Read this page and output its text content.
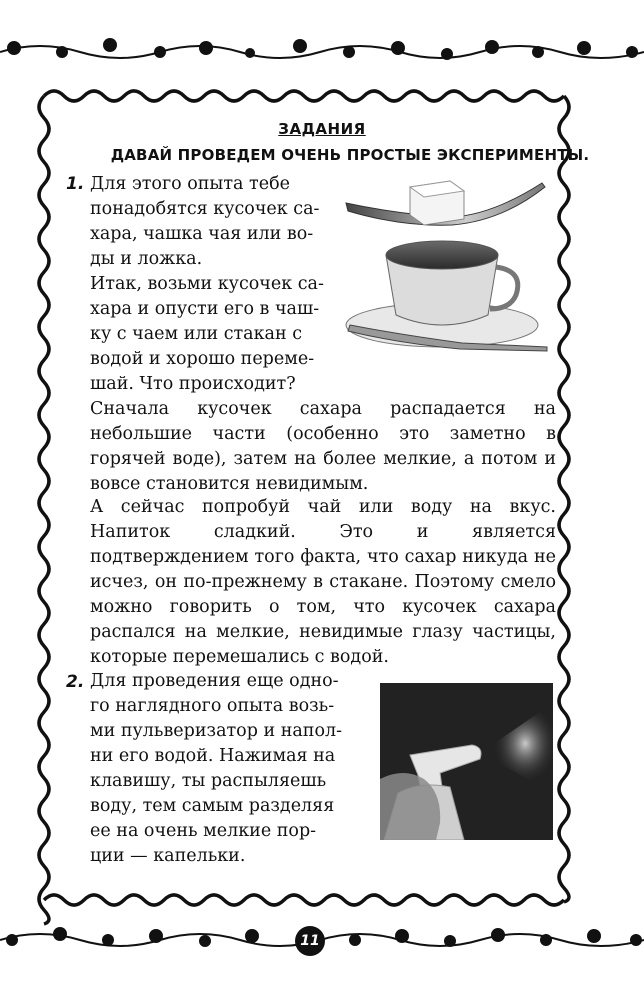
ЗАДАНИЯ
ДАВАЙ ПРОВЕДЕМ ОЧЕНЬ ПРОСТЫЕ ЭКСПЕРИМЕНТЫ.
1. Для этого опыта тебе
понадобятся кусочек са-
хара, чашка чая или во-
ды и ложка.
Итак, возьми кусочек са-
хара и опусти его в чаш-
ку с чаем или стакан с
водой и хорошо переме-
шай. Что происходит?
Сначала кусочек сахара распадается на небольшие части (особенно это заметно в горячей воде), затем на более мелкие, а потом и вовсе становится невидимым.
А сейчас попробуй чай или воду на вкус. Напиток сладкий. Это и является подтверждением того факта, что сахар никуда не исчез, он по-прежнему в стакане. Поэтому смело можно говорить о том, что кусочек сахара распался на мелкие, невидимые глазу частицы, которые перемешались с водой.
2. Для проведения еще одно-
го наглядного опыта возь-
ми пульверизатор и напол-
ни его водой. Нажимая на
клавишу, ты распыляешь
воду, тем самым разделяя
ее на очень мелкие пор-
ции — капельки.
11
